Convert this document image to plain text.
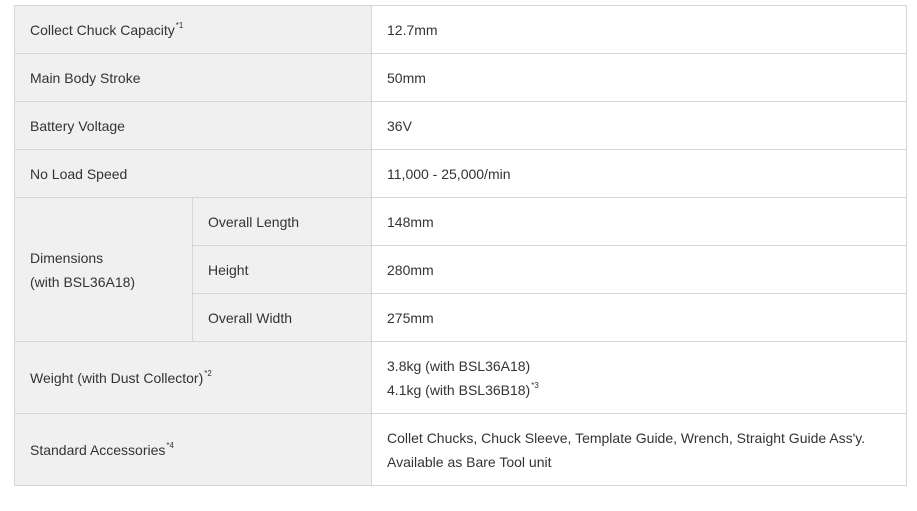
Collect Chuck Capacity$^{*1}$		12.7mm
Main Body Stroke		50mm
Battery Voltage		36V
No Load Speed		11,000 - 25,000/min

Dimensions
(with BSL36A18)	Overall Length	148mm
	Height	280mm
	Overall Width	275mm
Weight (with Dust Collector)$^{*2}$		3.8kg (with BSL36A18)
4.1kg (with BSL36B18)$^{*3}$

Standard Accessories$^{*4}$		Collet Chucks, Chuck Sleeve, Template Guide, Wrench, Straight Guide Ass'y.
Available as Bare Tool unit
